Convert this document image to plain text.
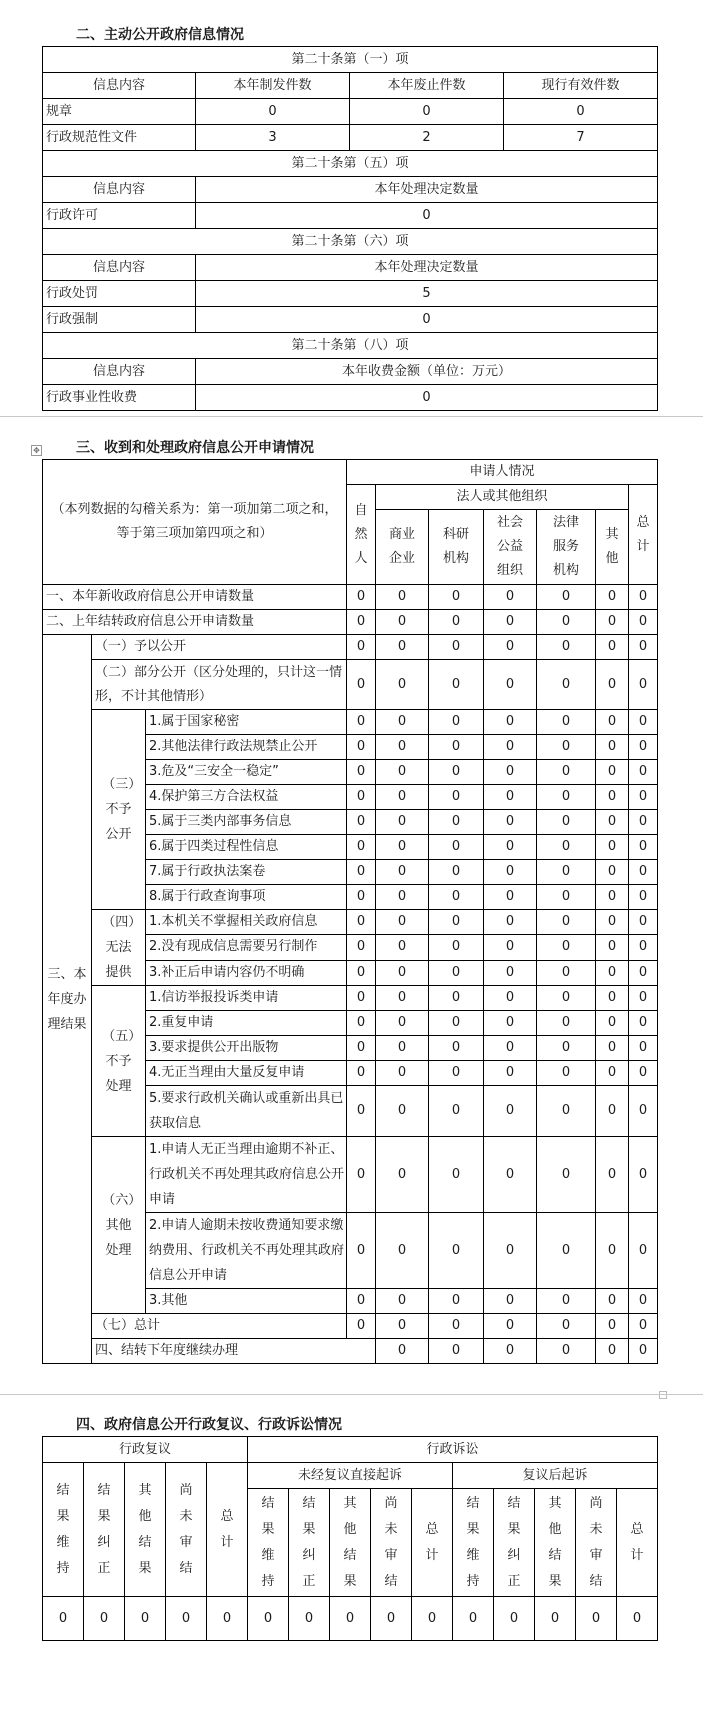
二、主动公开政府信息情况
第二十条第（一）项			
信息内容	本年制发件数	本年废止件数	现行有效件数
规章	0	0	0
行政规范性文件	3	2	7
第二十条第（五）项			
信息内容	本年处理决定数量		
行政许可	0		
第二十条第（六）项			
信息内容	本年处理决定数量		
行政处罚	5		
行政强制	0		
第二十条第（八）项			
信息内容	本年收费金额（单位：万元）		
行政事业性收费	0		
✥	三、收到和处理政府信息公开申请情况
（本列数据的勾稽关系为：第一项加第二项之和，等于第三项加第四项之和）			申请人情况							
			自然人	法人或其他组织					总计	
				商业企业	科研机构	社会公益组织	法律服务机构	其他		
一、本年新收政府信息公开申请数量			0	0	0	0	0	0	0	
二、上年结转政府信息公开申请数量			0	0	0	0	0	0	0	
三、本年度办理结果	（一）予以公开		0	0	0	0	0	0	0	
	（二）部分公开（区分处理的，只计这一情形，不计其他情形）		0	0	0	0	0	0	0	
	（三）不予公开	1.属于国家秘密	0	0	0	0	0	0	0	
		2.其他法律行政法规禁止公开	0	0	0	0	0	0	0	
		3.危及“三安全一稳定”	0	0	0	0	0	0	0	
		4.保护第三方合法权益	0	0	0	0	0	0	0	
		5.属于三类内部事务信息	0	0	0	0	0	0	0	
		6.属于四类过程性信息	0	0	0	0	0	0	0	
		7.属于行政执法案卷	0	0	0	0	0	0	0	
		8.属于行政查询事项	0	0	0	0	0	0	0	
	（四）无法提供	1.本机关不掌握相关政府信息	0	0	0	0	0	0	0	
		2.没有现成信息需要另行制作	0	0	0	0	0	0	0	
		3.补正后申请内容仍不明确	0	0	0	0	0	0	0	
	（五）不予处理	1.信访举报投诉类申请	0	0	0	0	0	0	0	
		2.重复申请	0	0	0	0	0	0	0	
		3.要求提供公开出版物	0	0	0	0	0	0	0	
		4.无正当理由大量反复申请	0	0	0	0	0	0	0	
		5.要求行政机关确认或重新出具已获取信息	0	0	0	0	0	0	0	
	（六）其他处理	1.申请人无正当理由逾期不补正、行政机关不再处理其政府信息公开申请	0	0	0	0	0	0	0	
		2.申请人逾期未按收费通知要求缴纳费用、行政机关不再处理其政府信息公开申请	0	0	0	0	0	0	0	
		3.其他	0	0	0	0	0	0	0	
	（七）总计		0	0	0	0	0	0	0	
	四、结转下年度继续办理			0	0	0	0	0	0	
四、政府信息公开行政复议、行政诉讼情况
行政复议					行政诉讼									
结果维持	结果纠正	其他结果	尚未审结	总计	未经复议直接起诉					复议后起诉				
					结果维持	结果纠正	其他结果	尚未审结	总计	结果维持	结果纠正	其他结果	尚未审结	总计
0	0	0	0	0	0	0	0	0	0	0	0	0	0	0
